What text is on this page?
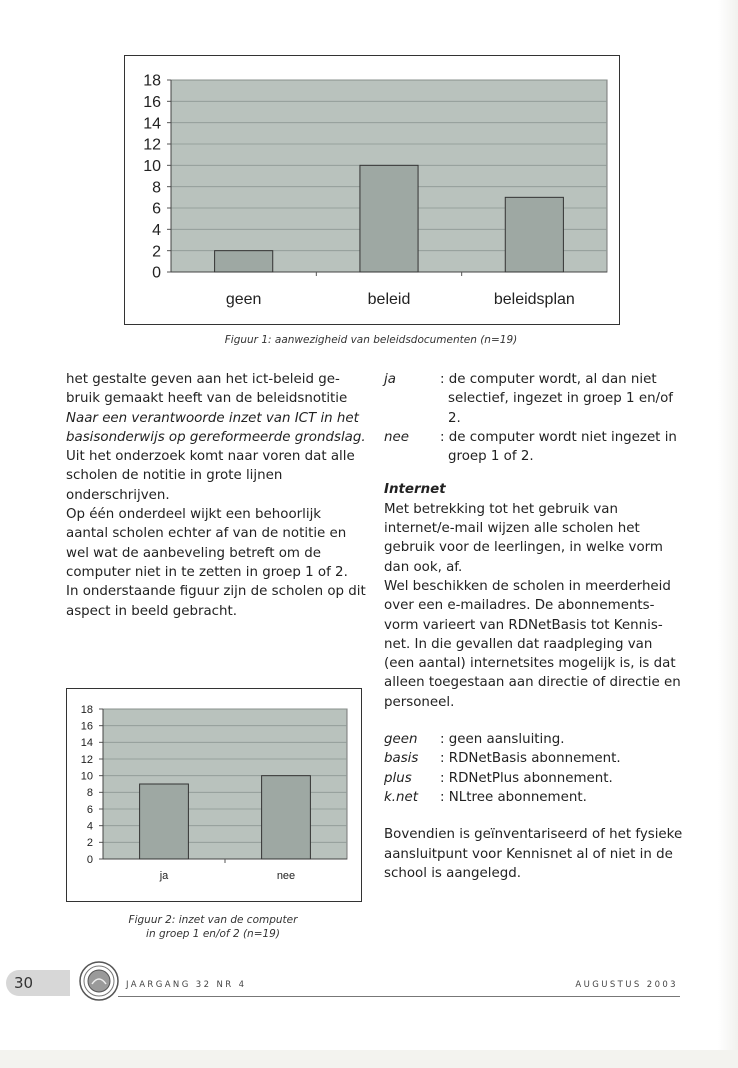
0
2
4
6
8
10
12
14
16
18
geen	beleid	beleidsplan
Figuur 1: aanwezigheid van beleidsdocumenten (n=19)

het gestalte geven aan het ict-beleid ge-bruik gemaakt heeft van de beleidsnotitie Naar een verantwoorde inzet van ICT in het basisonderwijs op gereformeerde grondslag.

Uit het onderzoek komt naar voren dat alle scholen de notitie in grote lijnen onderschrijven.

Op één onderdeel wijkt een behoorlijk aantal scholen echter af van de notitie en wel wat de aanbeveling betreft om de computer niet in te zetten in groep 1 of 2.

In onderstaande figuur zijn de scholen op dit aspect in beeld gebracht.

0
2
4
6
8
10
12
14
16
18
ja	nee
Figuur 2: inzet van de computer
in groep 1 en/of 2 (n=19)
ja	: de computer wordt, al dan niet selectief, ingezet in groep 1 en/of 2.
nee	: de computer wordt niet ingezet in groep 1 of 2.
Internet

Met betrekking tot het gebruik van internet/e-mail wijzen alle scholen het gebruik voor de leerlingen, in welke vorm dan ook, af.

Wel beschikken de scholen in meerderheid over een e-mailadres. De abonnements-vorm varieert van RDNetBasis tot Kennis-net. In die gevallen dat raadpleging van (een aantal) internetsites mogelijk is, is dat alleen toegestaan aan directie of directie en personeel.

geen	: geen aansluiting.
basis	: RDNetBasis abonnement.
plus	: RDNetPlus abonnement.
k.net	: NLtree abonnement.

Bovendien is geïnventariseerd of het fysieke aansluitpunt voor Kennisnet al of niet in de school is aangelegd.

30	JAARGANG 32 NR 4	AUGUSTUS 2003
